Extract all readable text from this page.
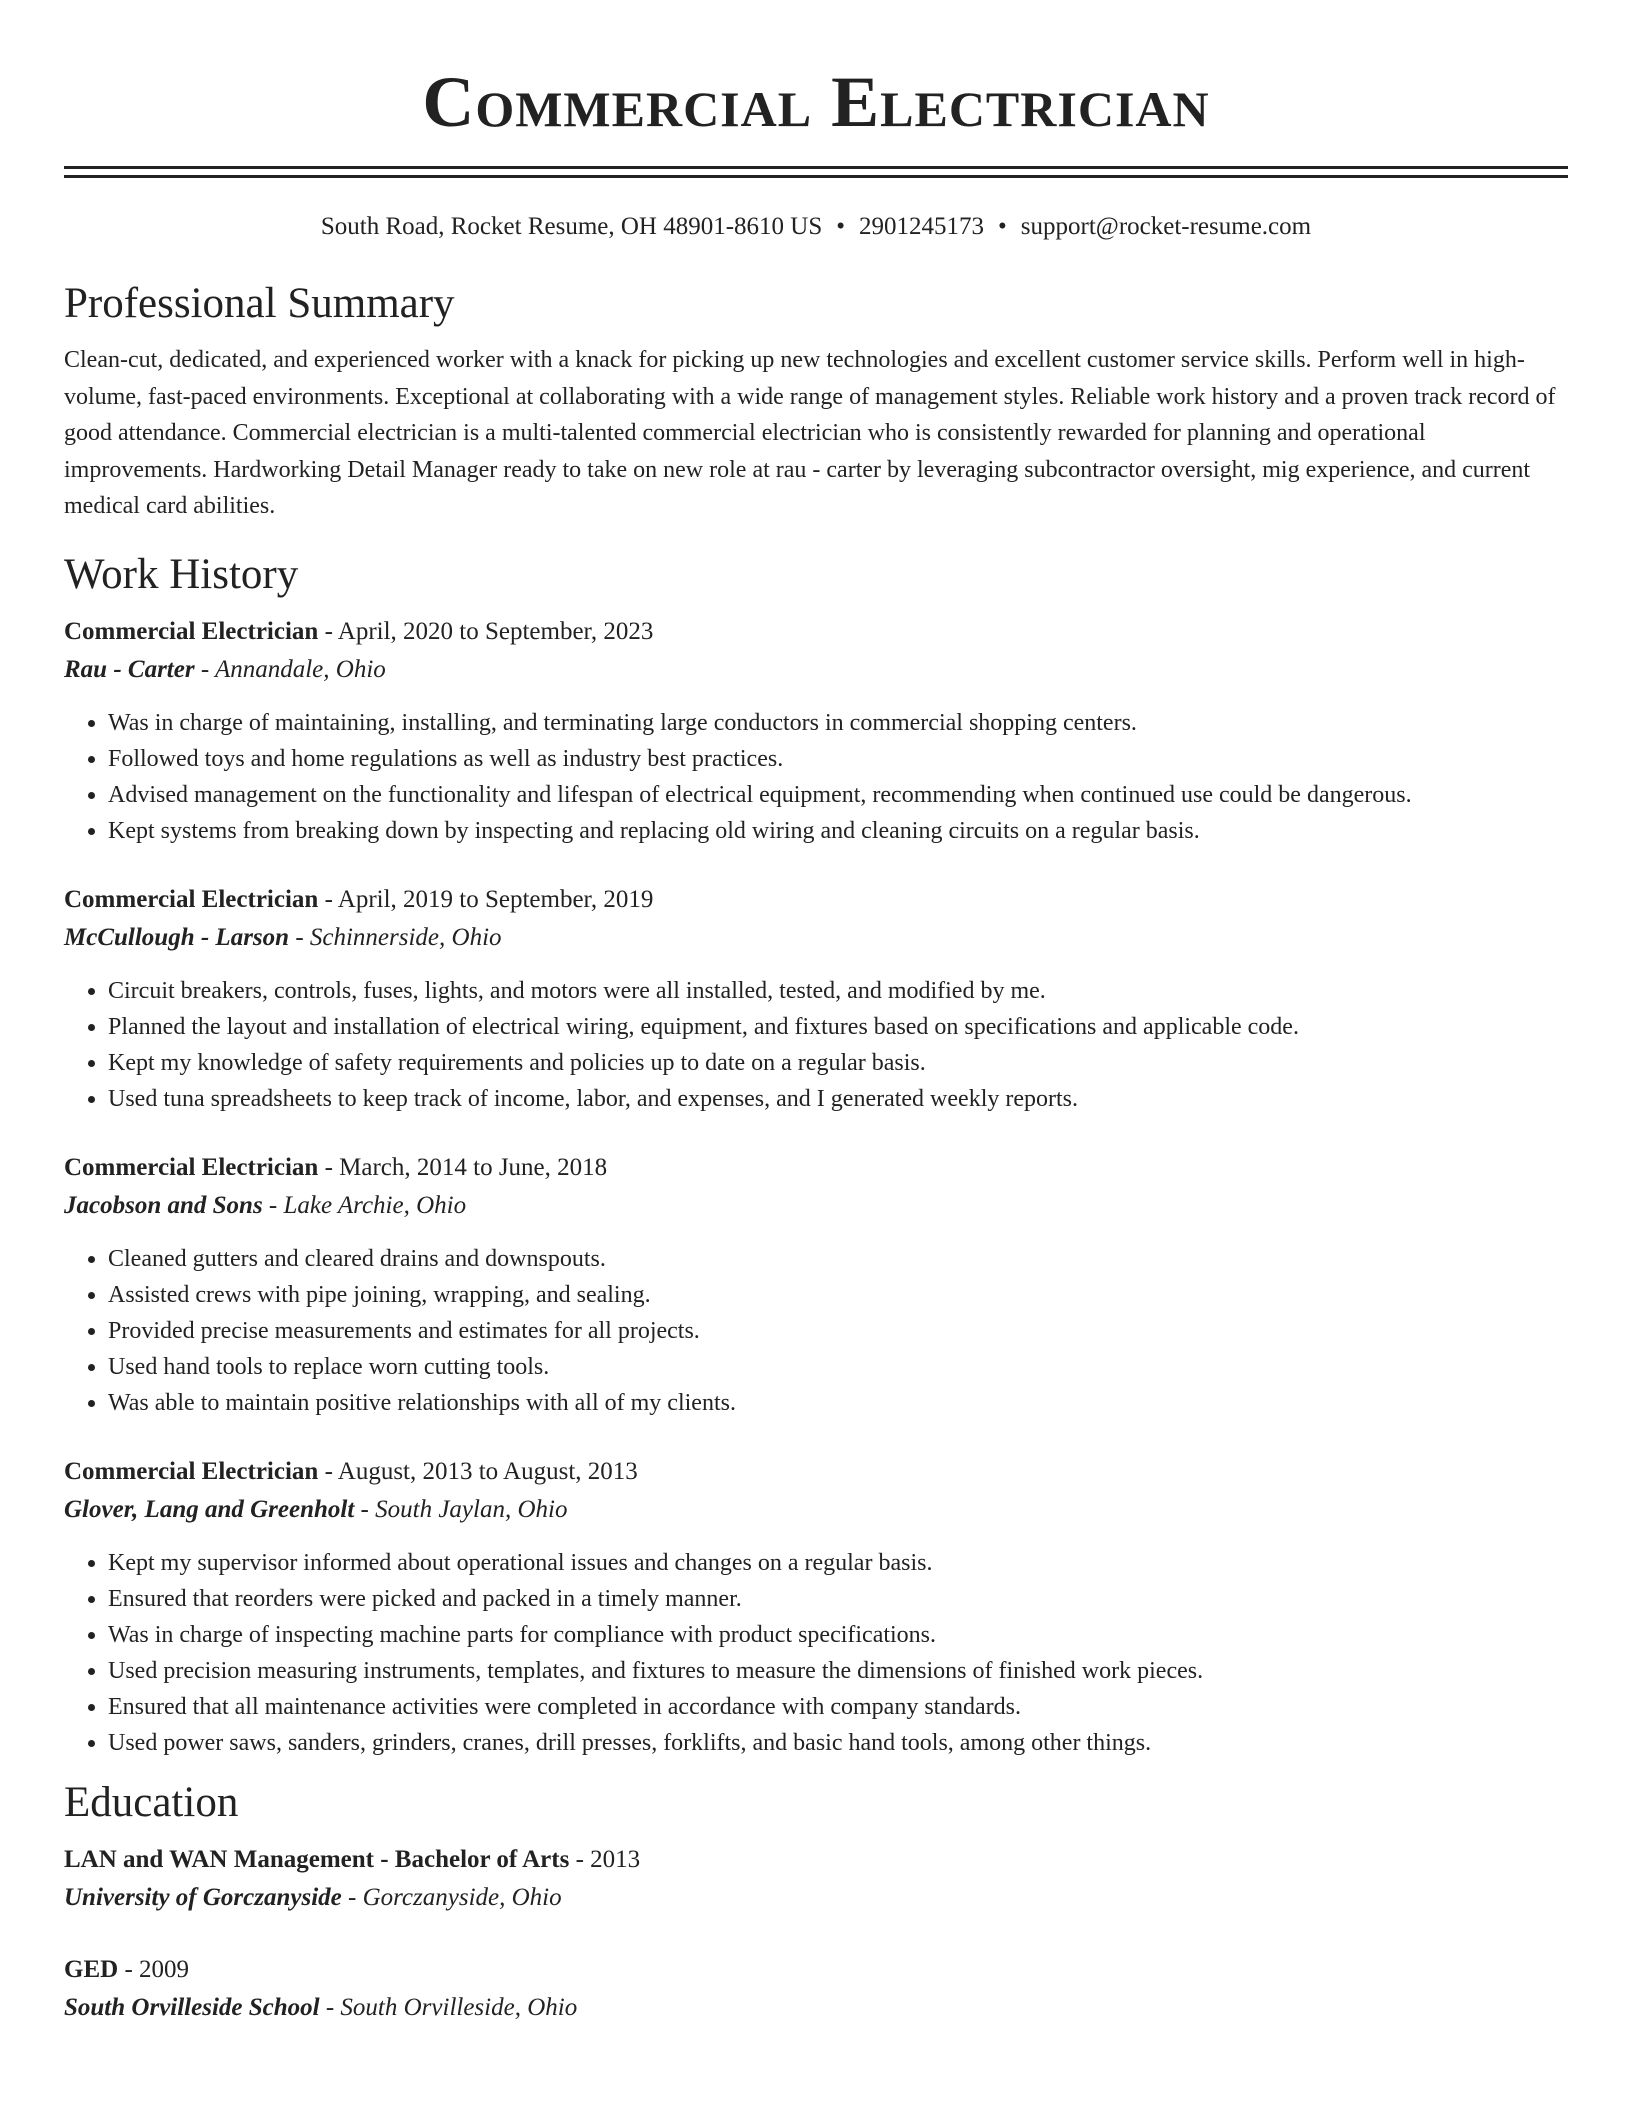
Commercial Electrician
South Road, Rocket Resume, OH 48901-8610 US • 2901245173 • support@rocket-resume.com
Professional Summary
Clean-cut, dedicated, and experienced worker with a knack for picking up new technologies and excellent customer service skills. Perform well in high-volume, fast-paced environments. Exceptional at collaborating with a wide range of management styles. Reliable work history and a proven track record of good attendance. Commercial electrician is a multi-talented commercial electrician who is consistently rewarded for planning and operational improvements. Hardworking Detail Manager ready to take on new role at rau - carter by leveraging subcontractor oversight, mig experience, and current medical card abilities.
Work History
Commercial Electrician - April, 2020 to September, 2023
Rau - Carter - Annandale, Ohio
• Was in charge of maintaining, installing, and terminating large conductors in commercial shopping centers.
• Followed toys and home regulations as well as industry best practices.
• Advised management on the functionality and lifespan of electrical equipment, recommending when continued use could be dangerous.
• Kept systems from breaking down by inspecting and replacing old wiring and cleaning circuits on a regular basis.
Commercial Electrician - April, 2019 to September, 2019
McCullough - Larson - Schinnerside, Ohio
• Circuit breakers, controls, fuses, lights, and motors were all installed, tested, and modified by me.
• Planned the layout and installation of electrical wiring, equipment, and fixtures based on specifications and applicable code.
• Kept my knowledge of safety requirements and policies up to date on a regular basis.
• Used tuna spreadsheets to keep track of income, labor, and expenses, and I generated weekly reports.
Commercial Electrician - March, 2014 to June, 2018
Jacobson and Sons - Lake Archie, Ohio
• Cleaned gutters and cleared drains and downspouts.
• Assisted crews with pipe joining, wrapping, and sealing.
• Provided precise measurements and estimates for all projects.
• Used hand tools to replace worn cutting tools.
• Was able to maintain positive relationships with all of my clients.
Commercial Electrician - August, 2013 to August, 2013
Glover, Lang and Greenholt - South Jaylan, Ohio
• Kept my supervisor informed about operational issues and changes on a regular basis.
• Ensured that reorders were picked and packed in a timely manner.
• Was in charge of inspecting machine parts for compliance with product specifications.
• Used precision measuring instruments, templates, and fixtures to measure the dimensions of finished work pieces.
• Ensured that all maintenance activities were completed in accordance with company standards.
• Used power saws, sanders, grinders, cranes, drill presses, forklifts, and basic hand tools, among other things.
Education
LAN and WAN Management - Bachelor of Arts - 2013
University of Gorczanyside - Gorczanyside, Ohio
GED - 2009
South Orvilleside School - South Orvilleside, Ohio
